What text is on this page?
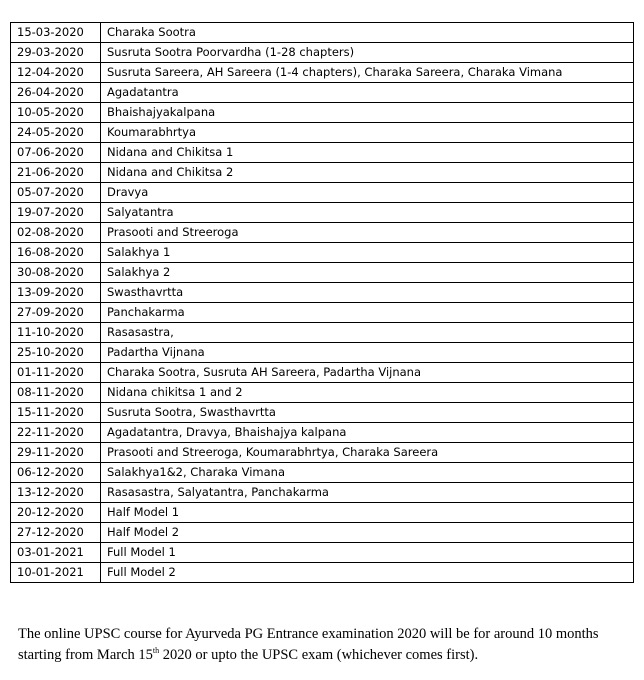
15-03-2020	Charaka Sootra
29-03-2020	Susruta Sootra Poorvardha (1-28 chapters)
12-04-2020	Susruta Sareera, AH Sareera (1-4 chapters), Charaka Sareera, Charaka Vimana
26-04-2020	Agadatantra
10-05-2020	Bhaishajyakalpana
24-05-2020	Koumarabhrtya
07-06-2020	Nidana and Chikitsa 1
21-06-2020	Nidana and Chikitsa 2
05-07-2020	Dravya
19-07-2020	Salyatantra
02-08-2020	Prasooti and Streeroga
16-08-2020	Salakhya 1
30-08-2020	Salakhya 2
13-09-2020	Swasthavrtta
27-09-2020	Panchakarma
11-10-2020	Rasasastra,
25-10-2020	Padartha Vijnana
01-11-2020	Charaka Sootra, Susruta AH Sareera, Padartha Vijnana
08-11-2020	Nidana chikitsa 1 and 2
15-11-2020	Susruta Sootra, Swasthavrtta
22-11-2020	Agadatantra, Dravya, Bhaishajya kalpana
29-11-2020	Prasooti and Streeroga, Koumarabhrtya, Charaka Sareera
06-12-2020	Salakhya1&2, Charaka Vimana
13-12-2020	Rasasastra, Salyatantra, Panchakarma
20-12-2020	Half Model 1
27-12-2020	Half Model 2
03-01-2021	Full Model 1
10-01-2021	Full Model 2

The online UPSC course for Ayurveda PG Entrance examination 2020 will be for around 10 months starting from March 15th 2020 or upto the UPSC exam (whichever comes first).
